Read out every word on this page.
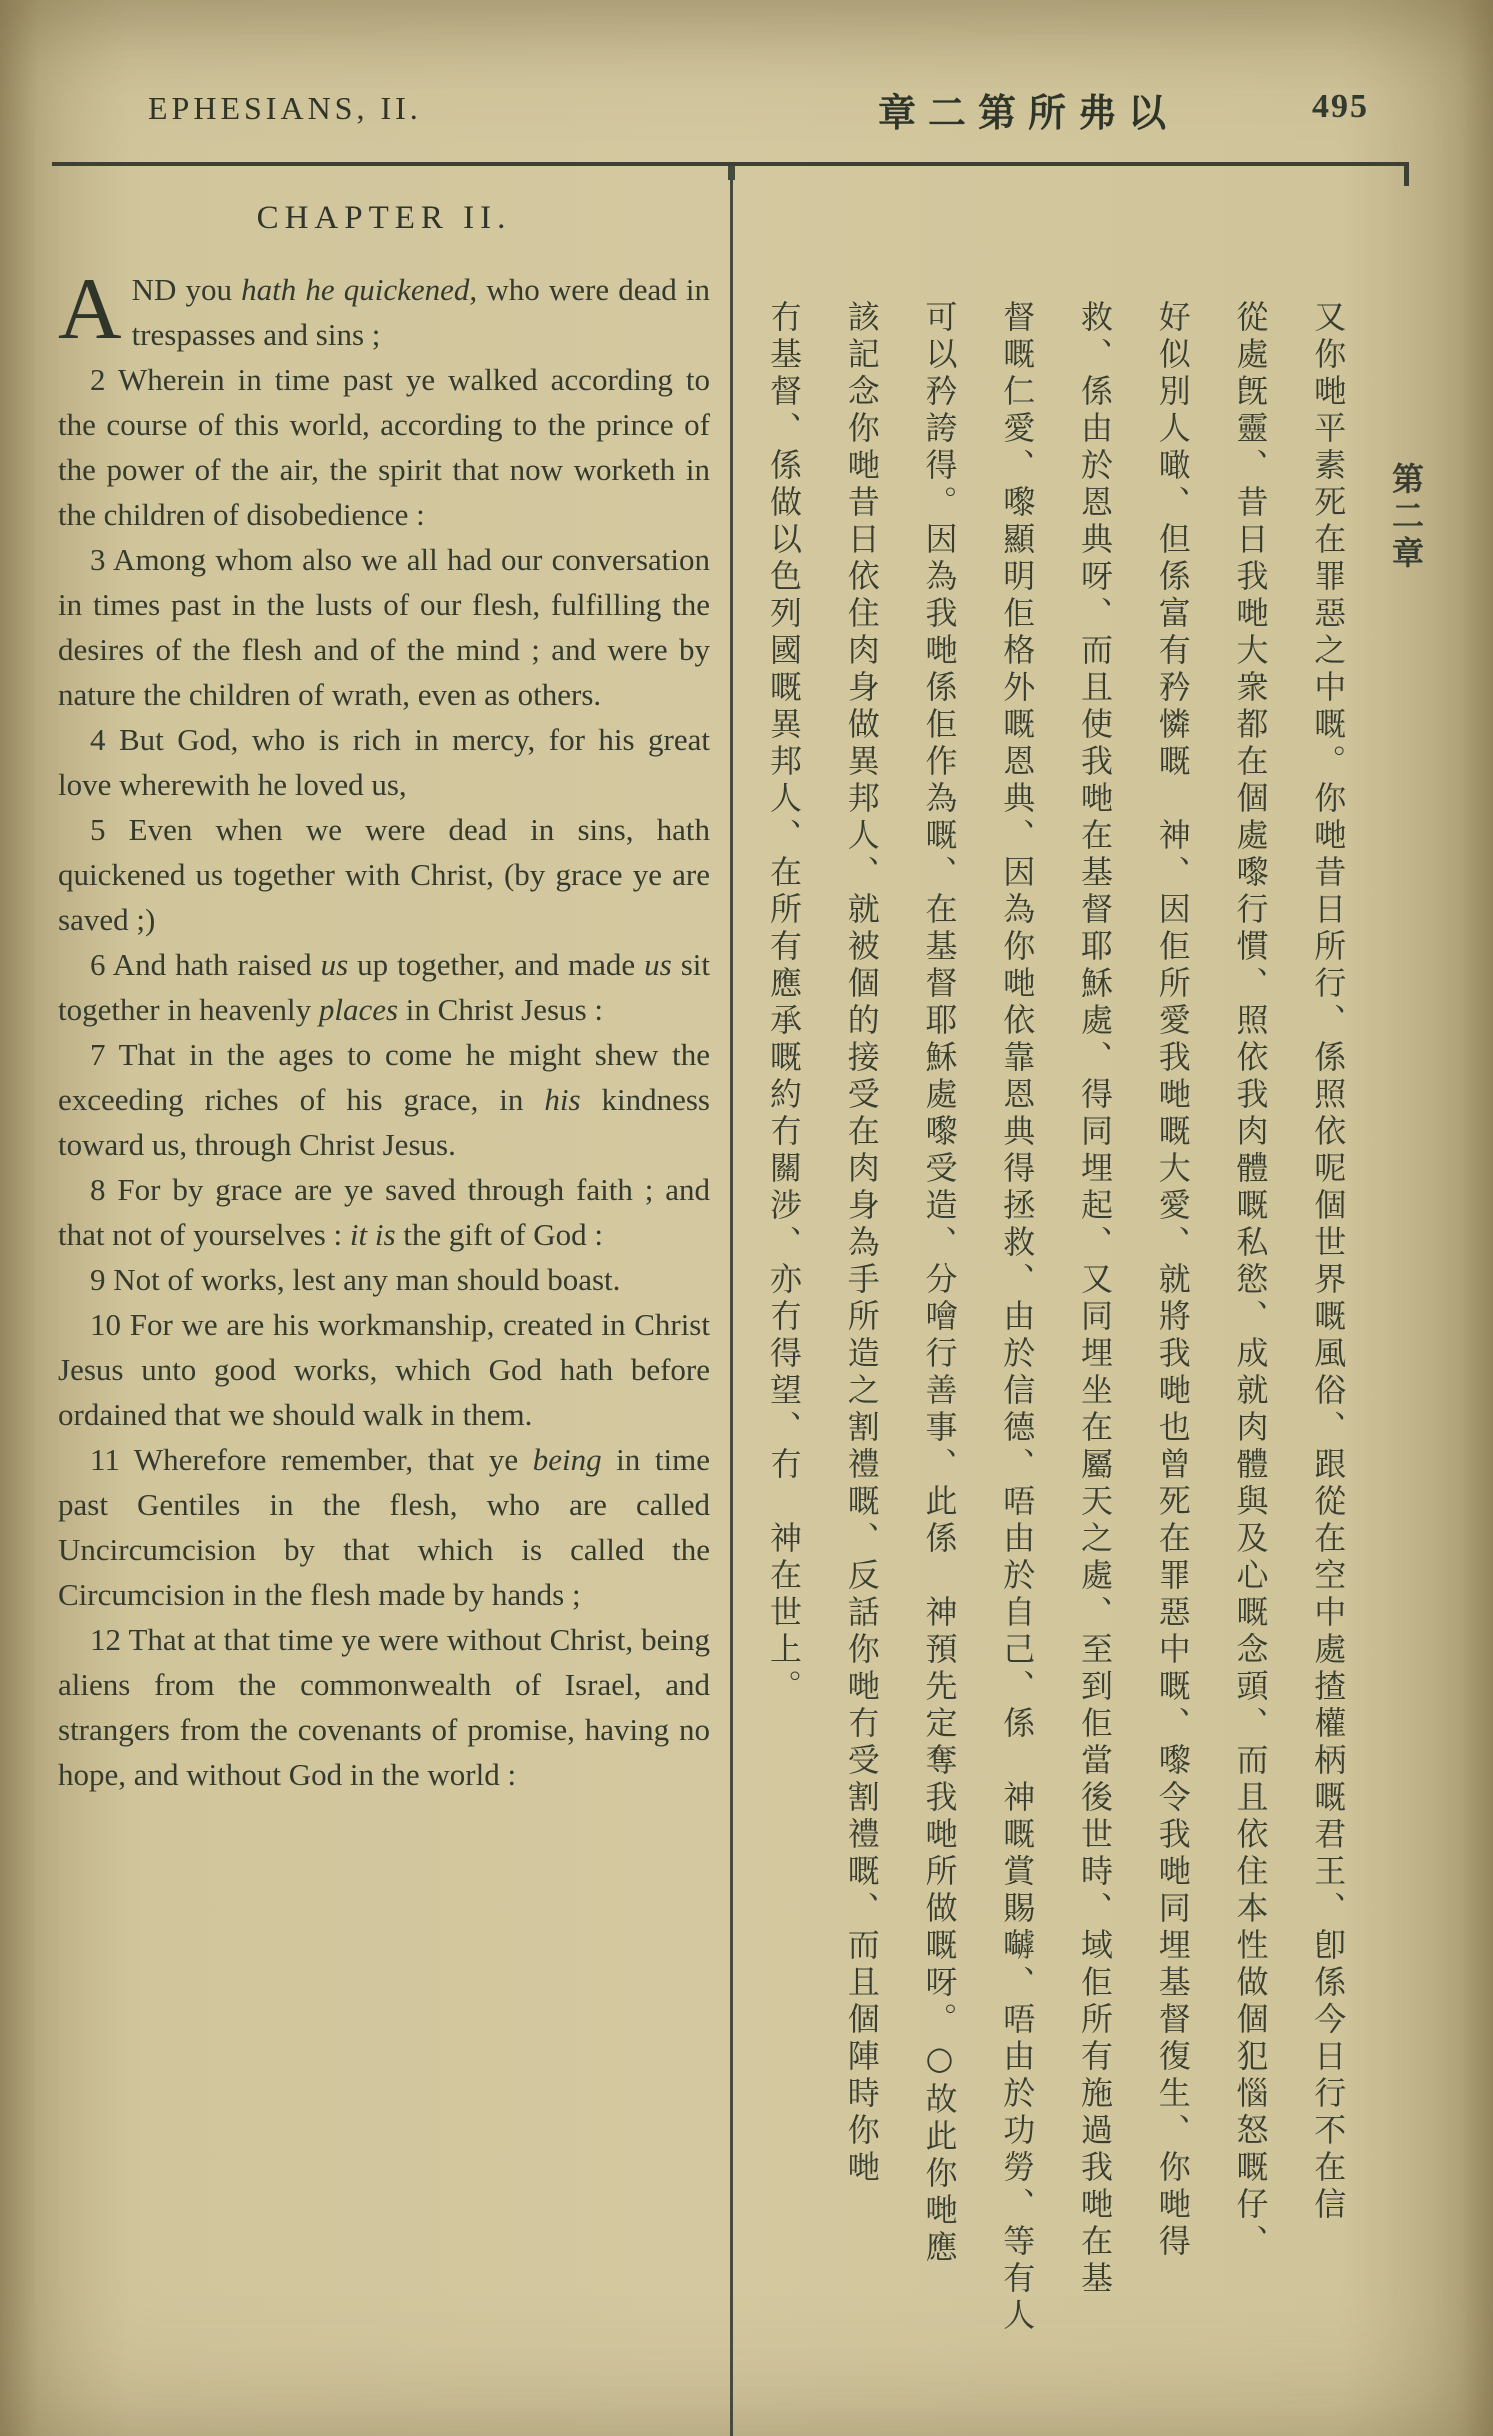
EPHESIANS, II.	章二第所弗以	495
CHAPTER II.

AND you hath he quickened, who were dead in trespasses and sins ;

2 Wherein in time past ye walked according to the course of this world, according to the prince of the power of the air, the spirit that now worketh in the children of disobedience :

3 Among whom also we all had our conversation in times past in the lusts of our flesh, fulfilling the desires of the flesh and of the mind ; and were by nature the children of wrath, even as others.

4 But God, who is rich in mercy, for his great love wherewith he loved us,

5 Even when we were dead in sins, hath quickened us together with Christ, (by grace ye are saved ;)

6 And hath raised us up together, and made us sit together in heavenly places in Christ Jesus :

7 That in the ages to come he might shew the exceeding riches of his grace, in his kindness toward us, through Christ Jesus.

8 For by grace are ye saved through faith ; and that not of yourselves : it is the gift of God :

9 Not of works, lest any man should boast.

10 For we are his workmanship, created in Christ Jesus unto good works, which God hath before ordained that we should walk in them.

11 Wherefore remember, that ye being in time past Gentiles in the flesh, who are called Uncircumcision by that which is called the Circumcision in the flesh made by hands ;

12 That at that time ye were without Christ, being aliens from the commonwealth of Israel, and strangers from the covenants of promise, having no hope, and without God in the world :

第二章
又你哋平素死在罪惡之中嘅。你哋昔日所行、係照依呢個世界嘅風俗、跟從在空中處揸權柄嘅君王、卽係今日行不在信
從處旣靈、昔日我哋大衆都在個處嚟行慣、照依我肉體嘅私慾、成就肉體與及心嘅念頭、而且依住本性做個犯惱怒嘅仔、
好似別人噉、但係富有矜憐嘅　神、因佢所愛我哋嘅大愛、就將我哋也曾死在罪惡中嘅、嚟令我哋同埋基督復生、你哋得
救、係由於恩典呀、而且使我哋在基督耶穌處、得同埋起、又同埋坐在屬天之處、至到佢當後世時、域佢所有施過我哋在基
督嘅仁愛、嚟顯明佢格外嘅恩典、因為你哋依靠恩典得拯救、由於信德、唔由於自己、係　神嘅賞賜嚹、唔由於功勞、等有人
可以矜誇得。因為我哋係佢作為嘅、在基督耶穌處嚟受造、分噲行善事、此係　神預先定奪我哋所做嘅呀。○故此你哋應
該記念你哋昔日依住肉身做異邦人、就被個的接受在肉身為手所造之割禮嘅、反話你哋冇受割禮嘅、而且個陣時你哋
冇基督、係做以色列國嘅異邦人、在所有應承嘅約冇關涉、亦冇得望、冇　神在世上。
